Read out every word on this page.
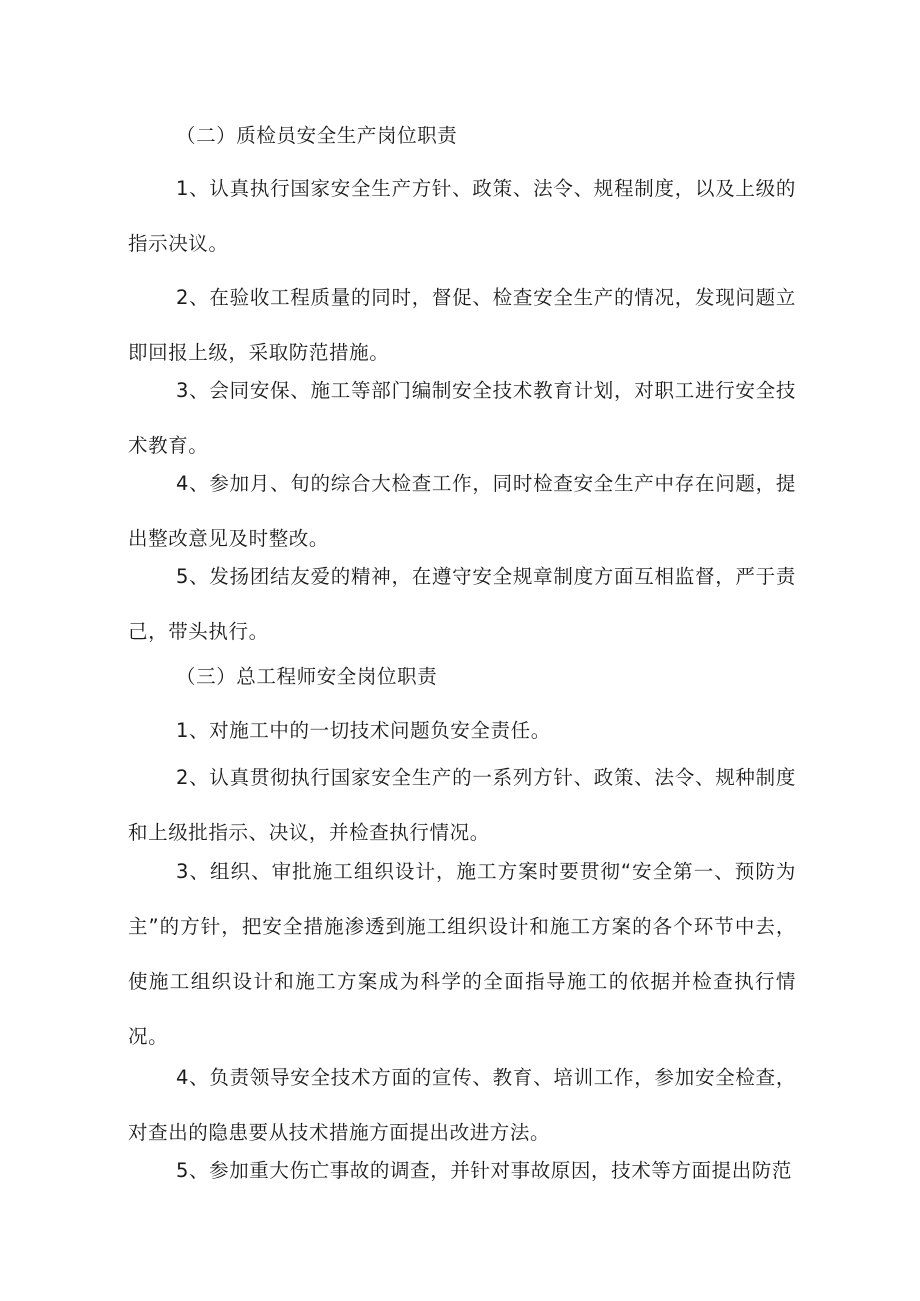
（二）质检员安全生产岗位职责

1、认真执行国家安全生产方针、政策、法令、规程制度，以及上级的指示决议。

2、在验收工程质量的同时，督促、检查安全生产的情况，发现问题立即回报上级，采取防范措施。

3、会同安保、施工等部门编制安全技术教育计划，对职工进行安全技术教育。

4、参加月、旬的综合大检查工作，同时检查安全生产中存在问题，提出整改意见及时整改。

5、发扬团结友爱的精神，在遵守安全规章制度方面互相监督，严于责己，带头执行。

（三）总工程师安全岗位职责

1、对施工中的一切技术问题负安全责任。

2、认真贯彻执行国家安全生产的一系列方针、政策、法令、规种制度和上级批指示、决议，并检查执行情况。

3、组织、审批施工组织设计，施工方案时要贯彻“安全第一、预防为主”的方针，把安全措施渗透到施工组织设计和施工方案的各个环节中去，使施工组织设计和施工方案成为科学的全面指导施工的依据并检查执行情况。

4、负责领导安全技术方面的宣传、教育、培训工作，参加安全检查，对查出的隐患要从技术措施方面提出改进方法。

5、参加重大伤亡事故的调查，并针对事故原因，技术等方面提出防范
